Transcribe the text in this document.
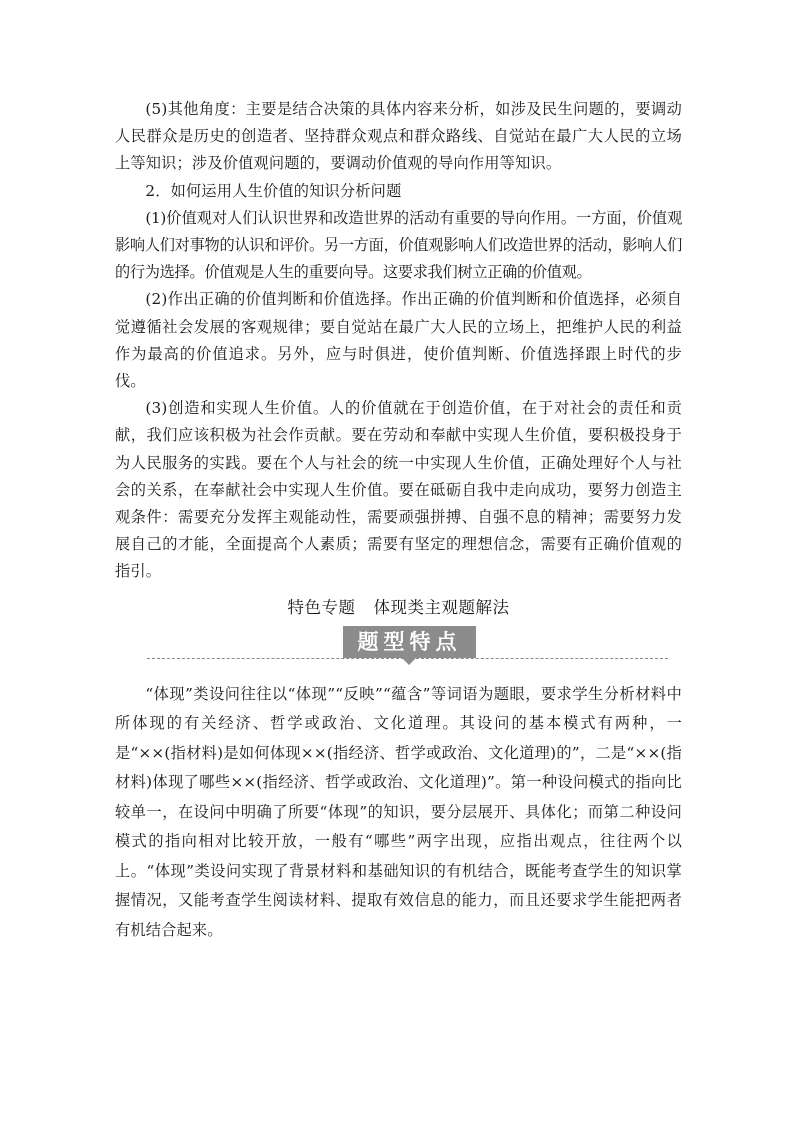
(5)其他角度：主要是结合决策的具体内容来分析，如涉及民生问题的，要调动人民群众是历史的创造者、坚持群众观点和群众路线、自觉站在最广大人民的立场上等知识；涉及价值观问题的，要调动价值观的导向作用等知识。

2．如何运用人生价值的知识分析问题

(1)价值观对人们认识世界和改造世界的活动有重要的导向作用。一方面，价值观影响人们对事物的认识和评价。另一方面，价值观影响人们改造世界的活动，影响人们的行为选择。价值观是人生的重要向导。这要求我们树立正确的价值观。

(2)作出正确的价值判断和价值选择。作出正确的价值判断和价值选择，必须自觉遵循社会发展的客观规律；要自觉站在最广大人民的立场上，把维护人民的利益作为最高的价值追求。另外，应与时俱进，使价值判断、价值选择跟上时代的步伐。

(3)创造和实现人生价值。人的价值就在于创造价值，在于对社会的责任和贡献，我们应该积极为社会作贡献。要在劳动和奉献中实现人生价值，要积极投身于为人民服务的实践。要在个人与社会的统一中实现人生价值，正确处理好个人与社会的关系，在奉献社会中实现人生价值。要在砥砺自我中走向成功，要努力创造主观条件：需要充分发挥主观能动性，需要顽强拼搏、自强不息的精神；需要努力发展自己的才能，全面提高个人素质；需要有坚定的理想信念，需要有正确价值观的指引。

特色专题 体现类主观题解法
题型特点

“体现”类设问往往以“体现”“反映”“蕴含”等词语为题眼，要求学生分析材料中所体现的有关经济、哲学或政治、文化道理。其设问的基本模式有两种，一是“××(指材料)是如何体现××(指经济、哲学或政治、文化道理)的”，二是“××(指材料)体现了哪些××(指经济、哲学或政治、文化道理)”。第一种设问模式的指向比较单一，在设问中明确了所要“体现”的知识，要分层展开、具体化；而第二种设问模式的指向相对比较开放，一般有“哪些”两字出现，应指出观点，往往两个以上。“体现”类设问实现了背景材料和基础知识的有机结合，既能考查学生的知识掌握情况，又能考查学生阅读材料、提取有效信息的能力，而且还要求学生能把两者有机结合起来。
